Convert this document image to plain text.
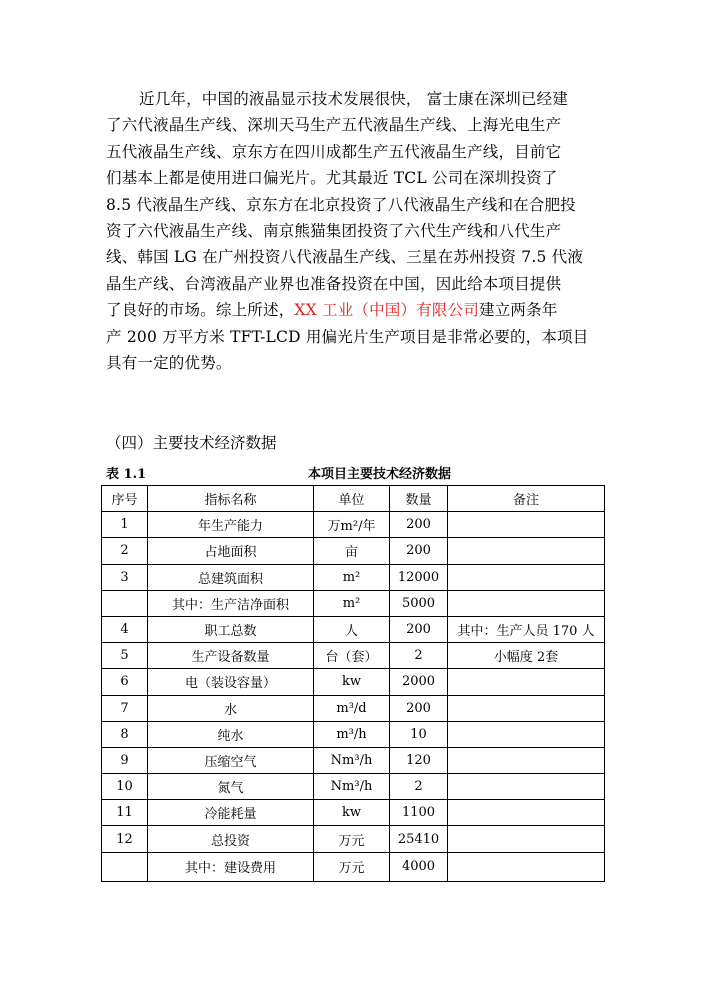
近几年，中国的液晶显示技术发展很快， 富士康在深圳已经建
了六代液晶生产线、深圳天马生产五代液晶生产线、上海光电生产
五代液晶生产线、京东方在四川成都生产五代液晶生产线，目前它
们基本上都是使用进口偏光片。尤其最近 TCL 公司在深圳投资了
8.5 代液晶生产线、京东方在北京投资了八代液晶生产线和在合肥投
资了六代液晶生产线、南京熊猫集团投资了六代生产线和八代生产
线、韩国 LG 在广州投资八代液晶生产线、三星在苏州投资 7.5 代液
晶生产线、台湾液晶产业界也准备投资在中国，因此给本项目提供
了良好的市场。综上所述，XX 工业（中国）有限公司建立两条年
产 200 万平方米 TFT-LCD 用偏光片生产项目是非常必要的，本项目
具有一定的优势。
（四）主要技术经济数据
表 1.1	本项目主要技术经济数据
序号	指标名称	单位	数量	备注
1	年生产能力	万m²/年	200	
2	占地面积	亩	200	
3	总建筑面积	m²	12000	
	其中：生产洁净面积	m²	5000	
4	职工总数	人	200	其中：生产人员 170 人
5	生产设备数量	台（套）	2	小幅度 2套
6	电（装设容量）	kw	2000	
7	水	m³/d	200	
8	纯水	m³/h	10	
9	压缩空气	Nm³/h	120	
10	氮气	Nm³/h	2	
11	冷能耗量	kw	1100	
12	总投资	万元	25410	
	其中：建设费用	万元	4000	
